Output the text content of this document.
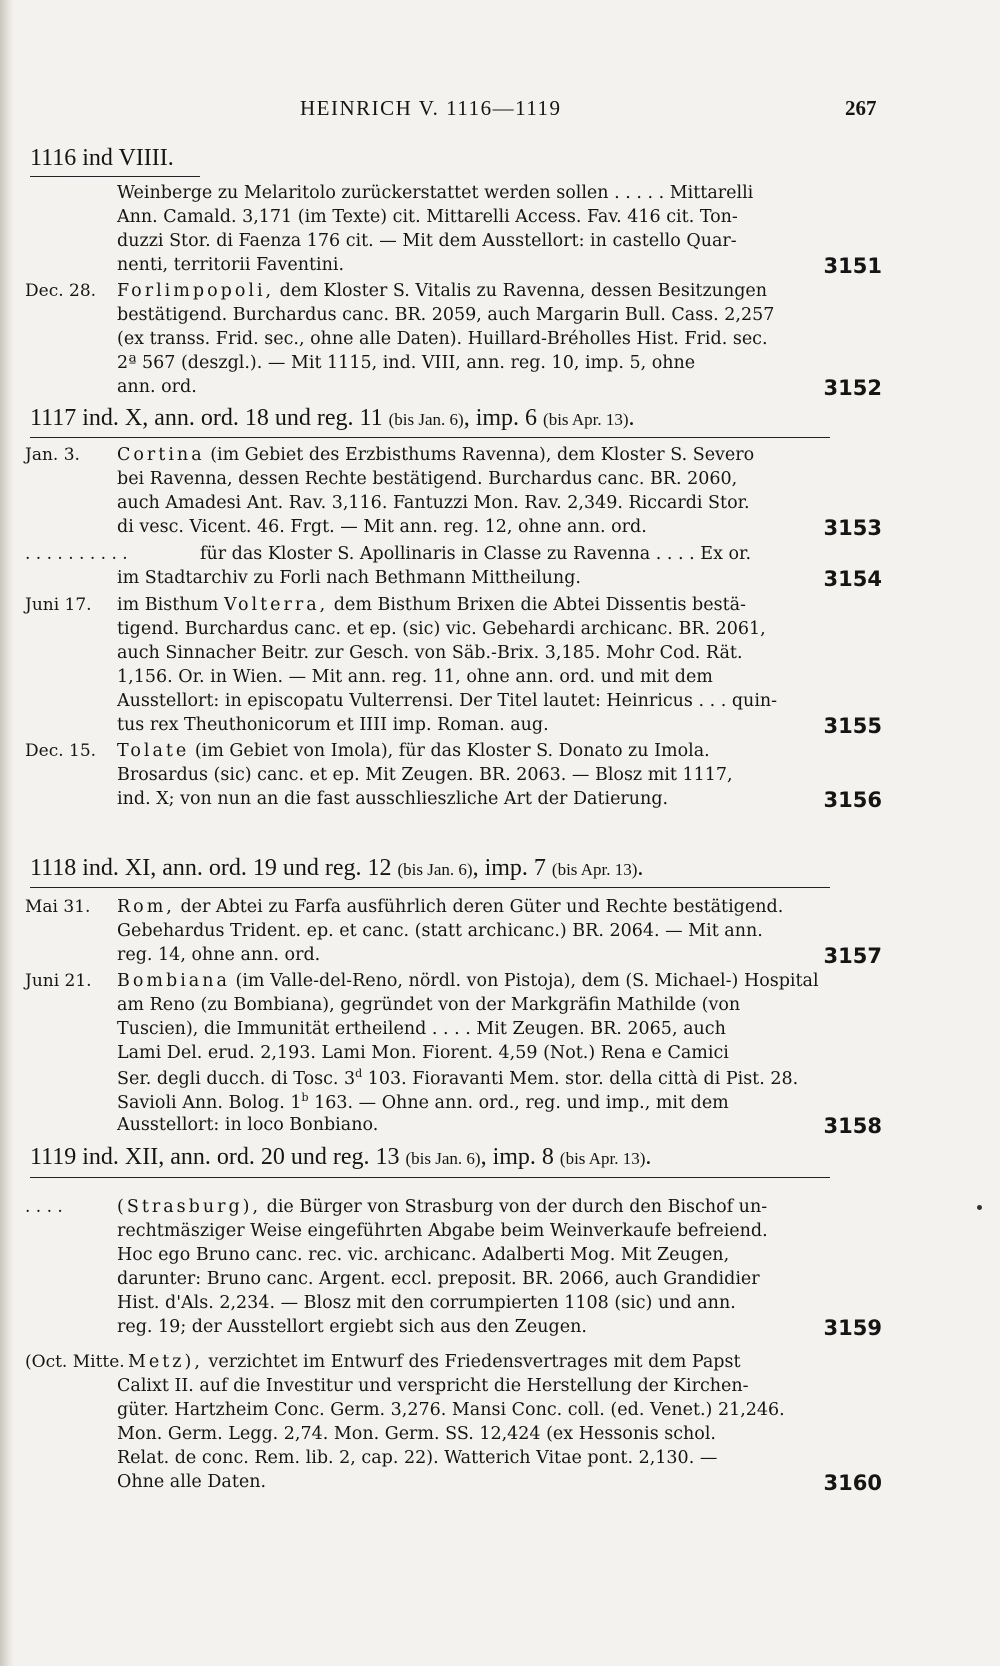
HEINRICH V. 1116—1119	267
1116 ind VIIII.
Weinberge zu Melaritolo zurückerstattet werden sollen . . . . . Mittarelli
Ann. Camald. 3,171 (im Texte) cit. Mittarelli Access. Fav. 416 cit. Ton-
duzzi Stor. di Faenza 176 cit. — Mit dem Ausstellort: in castello Quar-
nenti, territorii Faventini.	3151
Dec. 28. Forlimpopoli, dem Kloster S. Vitalis zu Ravenna, dessen Besitzungen
bestätigend. Burchardus canc. BR. 2059, auch Margarin Bull. Cass. 2,257
(ex transs. Frid. sec., ohne alle Daten). Huillard-Bréholles Hist. Frid. sec.
2ª 567 (deszgl.). — Mit 1115, ind. VIII, ann. reg. 10, imp. 5, ohne
ann. ord.	3152
1117 ind. X, ann. ord. 18 und reg. 11 (bis Jan. 6), imp. 6 (bis Apr. 13).
Jan. 3. Cortina (im Gebiet des Erzbisthums Ravenna), dem Kloster S. Severo
bei Ravenna, dessen Rechte bestätigend. Burchardus canc. BR. 2060,
auch Amadesi Ant. Rav. 3,116. Fantuzzi Mon. Rav. 2,349. Riccardi Stor.
di vesc. Vicent. 46. Frgt. — Mit ann. reg. 12, ohne ann. ord.	3153
. . . . . . . . . .	für das Kloster S. Apollinaris in Classe zu Ravenna . . . . Ex or.
im Stadtarchiv zu Forli nach Bethmann Mittheilung.	3154
Juni 17. im Bisthum Volterra, dem Bisthum Brixen die Abtei Dissentis bestä-
tigend. Burchardus canc. et ep. (sic) vic. Gebehardi archicanc. BR. 2061,
auch Sinnacher Beitr. zur Gesch. von Säb.-Brix. 3,185. Mohr Cod. Rät.
1,156. Or. in Wien. — Mit ann. reg. 11, ohne ann. ord. und mit dem
Ausstellort: in episcopatu Vulterrensi. Der Titel lautet: Heinricus . . . quin-
tus rex Theuthonicorum et IIII imp. Roman. aug.	3155
Dec. 15. Tolate (im Gebiet von Imola), für das Kloster S. Donato zu Imola.
Brosardus (sic) canc. et ep. Mit Zeugen. BR. 2063. — Blosz mit 1117,
ind. X; von nun an die fast ausschlieszliche Art der Datierung.	3156
1118 ind. XI, ann. ord. 19 und reg. 12 (bis Jan. 6), imp. 7 (bis Apr. 13).
Mai 31. Rom, der Abtei zu Farfa ausführlich deren Güter und Rechte bestätigend.
Gebehardus Trident. ep. et canc. (statt archicanc.) BR. 2064. — Mit ann.
reg. 14, ohne ann. ord.	3157
Juni 21. Bombiana (im Valle-del-Reno, nördl. von Pistoja), dem (S. Michael-) Hospital
am Reno (zu Bombiana), gegründet von der Markgräfin Mathilde (von
Tuscien), die Immunität ertheilend . . . . Mit Zeugen. BR. 2065, auch
Lami Del. erud. 2,193. Lami Mon. Fiorent. 4,59 (Not.) Rena e Camici
Ser. degli ducch. di Tosc. 3$^d$ 103. Fioravanti Mem. stor. della città di Pist. 28.
Savioli Ann. Bolog. 1$^b$ 163. — Ohne ann. ord., reg. und imp., mit dem
Ausstellort: in loco Bonbiano.	3158
1119 ind. XII, ann. ord. 20 und reg. 13 (bis Jan. 6), imp. 8 (bis Apr. 13).
. . . .	(Strasburg), die Bürger von Strasburg von der durch den Bischof un-
rechtmäsziger Weise eingeführten Abgabe beim Weinverkaufe befreiend.
Hoc ego Bruno canc. rec. vic. archicanc. Adalberti Mog. Mit Zeugen,
darunter: Bruno canc. Argent. eccl. preposit. BR. 2066, auch Grandidier
Hist. d'Als. 2,234. — Blosz mit den corrumpierten 1108 (sic) und ann.
reg. 19; der Ausstellort ergiebt sich aus den Zeugen.	3159
(Oct. Mitte. Metz), verzichtet im Entwurf des Friedensvertrages mit dem Papst
Calixt II. auf die Investitur und verspricht die Herstellung der Kirchen-
güter. Hartzheim Conc. Germ. 3,276. Mansi Conc. coll. (ed. Venet.) 21,246.
Mon. Germ. Legg. 2,74. Mon. Germ. SS. 12,424 (ex Hessonis schol.
Relat. de conc. Rem. lib. 2, cap. 22). Watterich Vitae pont. 2,130. —
Ohne alle Daten.	3160
